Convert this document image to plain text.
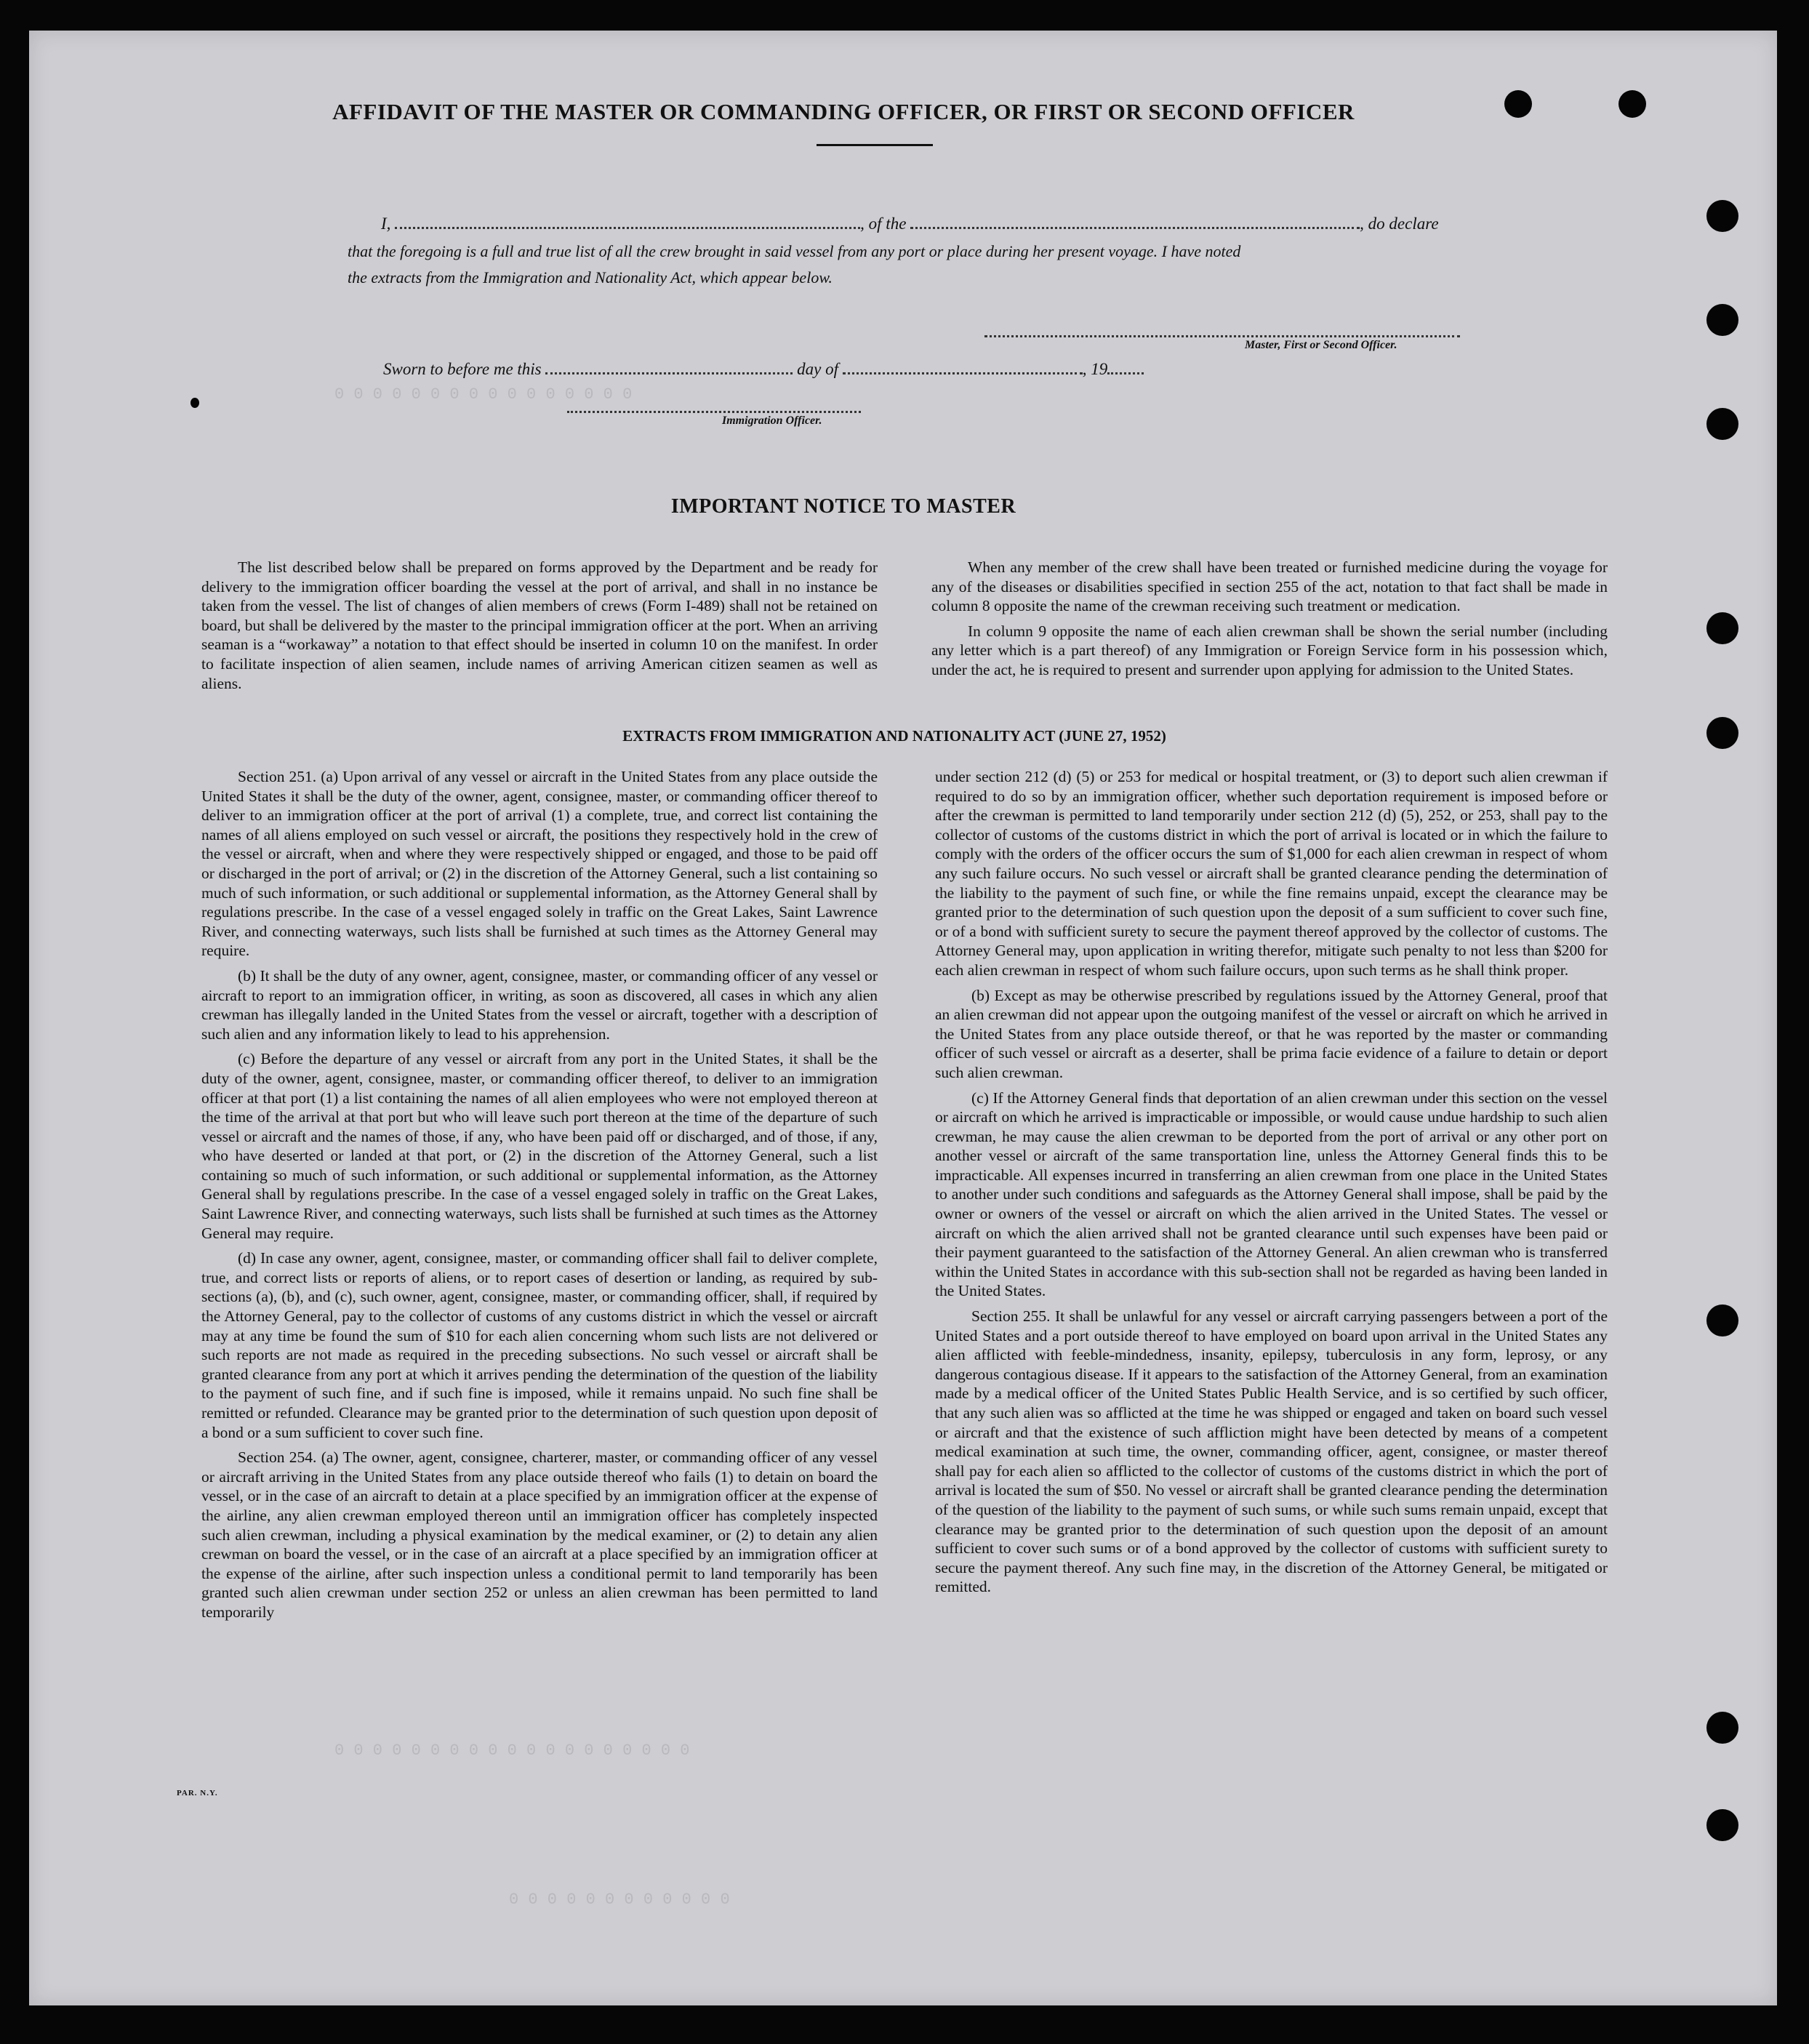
0 0 0 0 0 0 0 0 0 0 0 0 0 0 0 0
0 0 0 0 0 0 0 0 0 0 0 0 0 0 0 0 0 0 0
0 0 0 0 0 0 0 0 0 0 0 0
AFFIDAVIT OF THE MASTER OR COMMANDING OFFICER, OR FIRST OR SECOND OFFICER
I,	, of the	, do declare
that the foregoing is a full and true list of all the crew brought in said vessel from any port or place during her present voyage. I have noted
the extracts from the Immigration and Nationality Act, which appear below.
Master, First or Second Officer.
Sworn to before me this	day of	, 19
Immigration Officer.
IMPORTANT NOTICE TO MASTER

The list described below shall be prepared on forms approved by the Department and be ready for delivery to the immigration officer boarding the vessel at the port of arrival, and shall in no instance be taken from the vessel. The list of changes of alien members of crews (Form I-489) shall not be retained on board, but shall be delivered by the master to the principal immigration officer at the port. When an arriving seaman is a “workaway” a notation to that effect should be inserted in column 10 on the manifest. In order to facilitate inspection of alien seamen, include names of arriving American citizen seamen as well as aliens.

When any member of the crew shall have been treated or furnished medicine during the voyage for any of the diseases or disabilities specified in section 255 of the act, notation to that fact shall be made in column 8 opposite the name of the crewman receiving such treatment or medication.

In column 9 opposite the name of each alien crewman shall be shown the serial number (including any letter which is a part thereof) of any Immigration or Foreign Service form in his possession which, under the act, he is required to present and surrender upon applying for admission to the United States.

EXTRACTS FROM IMMIGRATION AND NATIONALITY ACT (JUNE 27, 1952)

Section 251. (a) Upon arrival of any vessel or aircraft in the United States from any place outside the United States it shall be the duty of the owner, agent, consignee, master, or commanding officer thereof to deliver to an immigration officer at the port of arrival (1) a complete, true, and correct list containing the names of all aliens employed on such vessel or aircraft, the positions they respectively hold in the crew of the vessel or aircraft, when and where they were respectively shipped or engaged, and those to be paid off or discharged in the port of arrival; or (2) in the discretion of the Attorney General, such a list containing so much of such information, or such additional or supplemental information, as the Attorney General shall by regulations prescribe. In the case of a vessel engaged solely in traffic on the Great Lakes, Saint Lawrence River, and connecting waterways, such lists shall be furnished at such times as the Attorney General may require.

(b) It shall be the duty of any owner, agent, consignee, master, or commanding officer of any vessel or aircraft to report to an immigration officer, in writing, as soon as discovered, all cases in which any alien crewman has illegally landed in the United States from the vessel or aircraft, together with a description of such alien and any information likely to lead to his apprehension.

(c) Before the departure of any vessel or aircraft from any port in the United States, it shall be the duty of the owner, agent, consignee, master, or commanding officer thereof, to deliver to an immigration officer at that port (1) a list containing the names of all alien employees who were not employed thereon at the time of the arrival at that port but who will leave such port thereon at the time of the departure of such vessel or aircraft and the names of those, if any, who have been paid off or discharged, and of those, if any, who have deserted or landed at that port, or (2) in the discretion of the Attorney General, such a list containing so much of such information, or such additional or supplemental information, as the Attorney General shall by regulations prescribe. In the case of a vessel engaged solely in traffic on the Great Lakes, Saint Lawrence River, and connecting waterways, such lists shall be furnished at such times as the Attorney General may require.

(d) In case any owner, agent, consignee, master, or commanding officer shall fail to deliver complete, true, and correct lists or reports of aliens, or to report cases of desertion or landing, as required by sub-sections (a), (b), and (c), such owner, agent, consignee, master, or commanding officer, shall, if required by the Attorney General, pay to the collector of customs of any customs district in which the vessel or aircraft may at any time be found the sum of $10 for each alien concerning whom such lists are not delivered or such reports are not made as required in the preceding subsections. No such vessel or aircraft shall be granted clearance from any port at which it arrives pending the determination of the question of the liability to the payment of such fine, and if such fine is imposed, while it remains unpaid. No such fine shall be remitted or refunded. Clearance may be granted prior to the determination of such question upon deposit of a bond or a sum sufficient to cover such fine.

Section 254. (a) The owner, agent, consignee, charterer, master, or commanding officer of any vessel or aircraft arriving in the United States from any place outside thereof who fails (1) to detain on board the vessel, or in the case of an aircraft to detain at a place specified by an immigration officer at the expense of the airline, any alien crewman employed thereon until an immigration officer has completely inspected such alien crewman, including a physical examination by the medical examiner, or (2) to detain any alien crewman on board the vessel, or in the case of an aircraft at a place specified by an immigration officer at the expense of the airline, after such inspection unless a conditional permit to land temporarily has been granted such alien crewman under section 252 or unless an alien crewman has been permitted to land temporarily

under section 212 (d) (5) or 253 for medical or hospital treatment, or (3) to deport such alien crewman if required to do so by an immigration officer, whether such deportation requirement is imposed before or after the crewman is permitted to land temporarily under section 212 (d) (5), 252, or 253, shall pay to the collector of customs of the customs district in which the port of arrival is located or in which the failure to comply with the orders of the officer occurs the sum of $1,000 for each alien crewman in respect of whom any such failure occurs. No such vessel or aircraft shall be granted clearance pending the determination of the liability to the payment of such fine, or while the fine remains unpaid, except the clearance may be granted prior to the determination of such question upon the deposit of a sum sufficient to cover such fine, or of a bond with sufficient surety to secure the payment thereof approved by the collector of customs. The Attorney General may, upon application in writing therefor, mitigate such penalty to not less than $200 for each alien crewman in respect of whom such failure occurs, upon such terms as he shall think proper.

(b) Except as may be otherwise prescribed by regulations issued by the Attorney General, proof that an alien crewman did not appear upon the outgoing manifest of the vessel or aircraft on which he arrived in the United States from any place outside thereof, or that he was reported by the master or commanding officer of such vessel or aircraft as a deserter, shall be prima facie evidence of a failure to detain or deport such alien crewman.

(c) If the Attorney General finds that deportation of an alien crewman under this section on the vessel or aircraft on which he arrived is impracticable or impossible, or would cause undue hardship to such alien crewman, he may cause the alien crewman to be deported from the port of arrival or any other port on another vessel or aircraft of the same transportation line, unless the Attorney General finds this to be impracticable. All expenses incurred in transferring an alien crewman from one place in the United States to another under such conditions and safeguards as the Attorney General shall impose, shall be paid by the owner or owners of the vessel or aircraft on which the alien arrived in the United States. The vessel or aircraft on which the alien arrived shall not be granted clearance until such expenses have been paid or their payment guaranteed to the satisfaction of the Attorney General. An alien crewman who is transferred within the United States in accordance with this sub-section shall not be regarded as having been landed in the United States.

Section 255. It shall be unlawful for any vessel or aircraft carrying passengers between a port of the United States and a port outside thereof to have employed on board upon arrival in the United States any alien afflicted with feeble-mindedness, insanity, epilepsy, tuberculosis in any form, leprosy, or any dangerous contagious disease. If it appears to the satisfaction of the Attorney General, from an examination made by a medical officer of the United States Public Health Service, and is so certified by such officer, that any such alien was so afflicted at the time he was shipped or engaged and taken on board such vessel or aircraft and that the existence of such affliction might have been detected by means of a competent medical examination at such time, the owner, commanding officer, agent, consignee, or master thereof shall pay for each alien so afflicted to the collector of customs of the customs district in which the port of arrival is located the sum of $50. No vessel or aircraft shall be granted clearance pending the determination of the question of the liability to the payment of such sums, or while such sums remain unpaid, except that clearance may be granted prior to the determination of such question upon the deposit of an amount sufficient to cover such sums or of a bond approved by the collector of customs with sufficient surety to secure the payment thereof. Any such fine may, in the discretion of the Attorney General, be mitigated or remitted.

PAR. N.Y.
